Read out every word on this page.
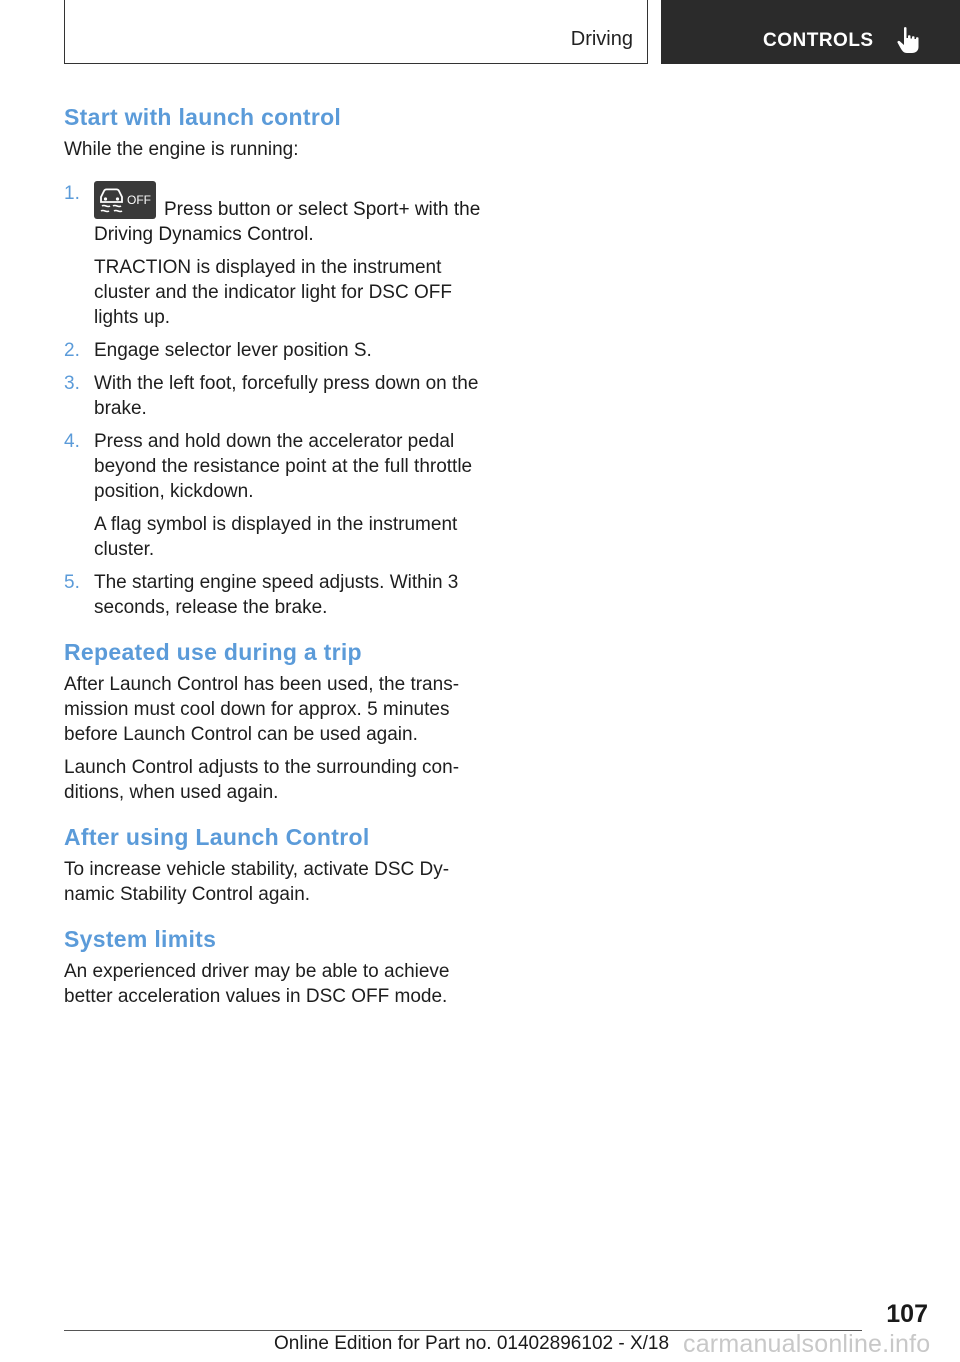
Driving	CONTROLS
Start with launch control

While the engine is running:

1.	OFF Press button or select Sport+ with the Driving Dynamics Control.

TRACTION is displayed in the instrument cluster and the indicator light for DSC OFF lights up.

2. Engage selector lever position S.

3. With the left foot, forcefully press down on the brake.

4. Press and hold down the accelerator pedal beyond the resistance point at the full throttle position, kickdown.

A flag symbol is displayed in the instrument cluster.

5. The starting engine speed adjusts. Within 3 seconds, release the brake.

Repeated use during a trip

After Launch Control has been used, the trans‐ mission must cool down for approx. 5 minutes before Launch Control can be used again.

Launch Control adjusts to the surrounding con‐ ditions, when used again.

After using Launch Control

To increase vehicle stability, activate DSC Dy‐ namic Stability Control again.

System limits

An experienced driver may be able to achieve better acceleration values in DSC OFF mode.

107
Online Edition for Part no. 01402896102 - X/18 carmanualsonline.info
